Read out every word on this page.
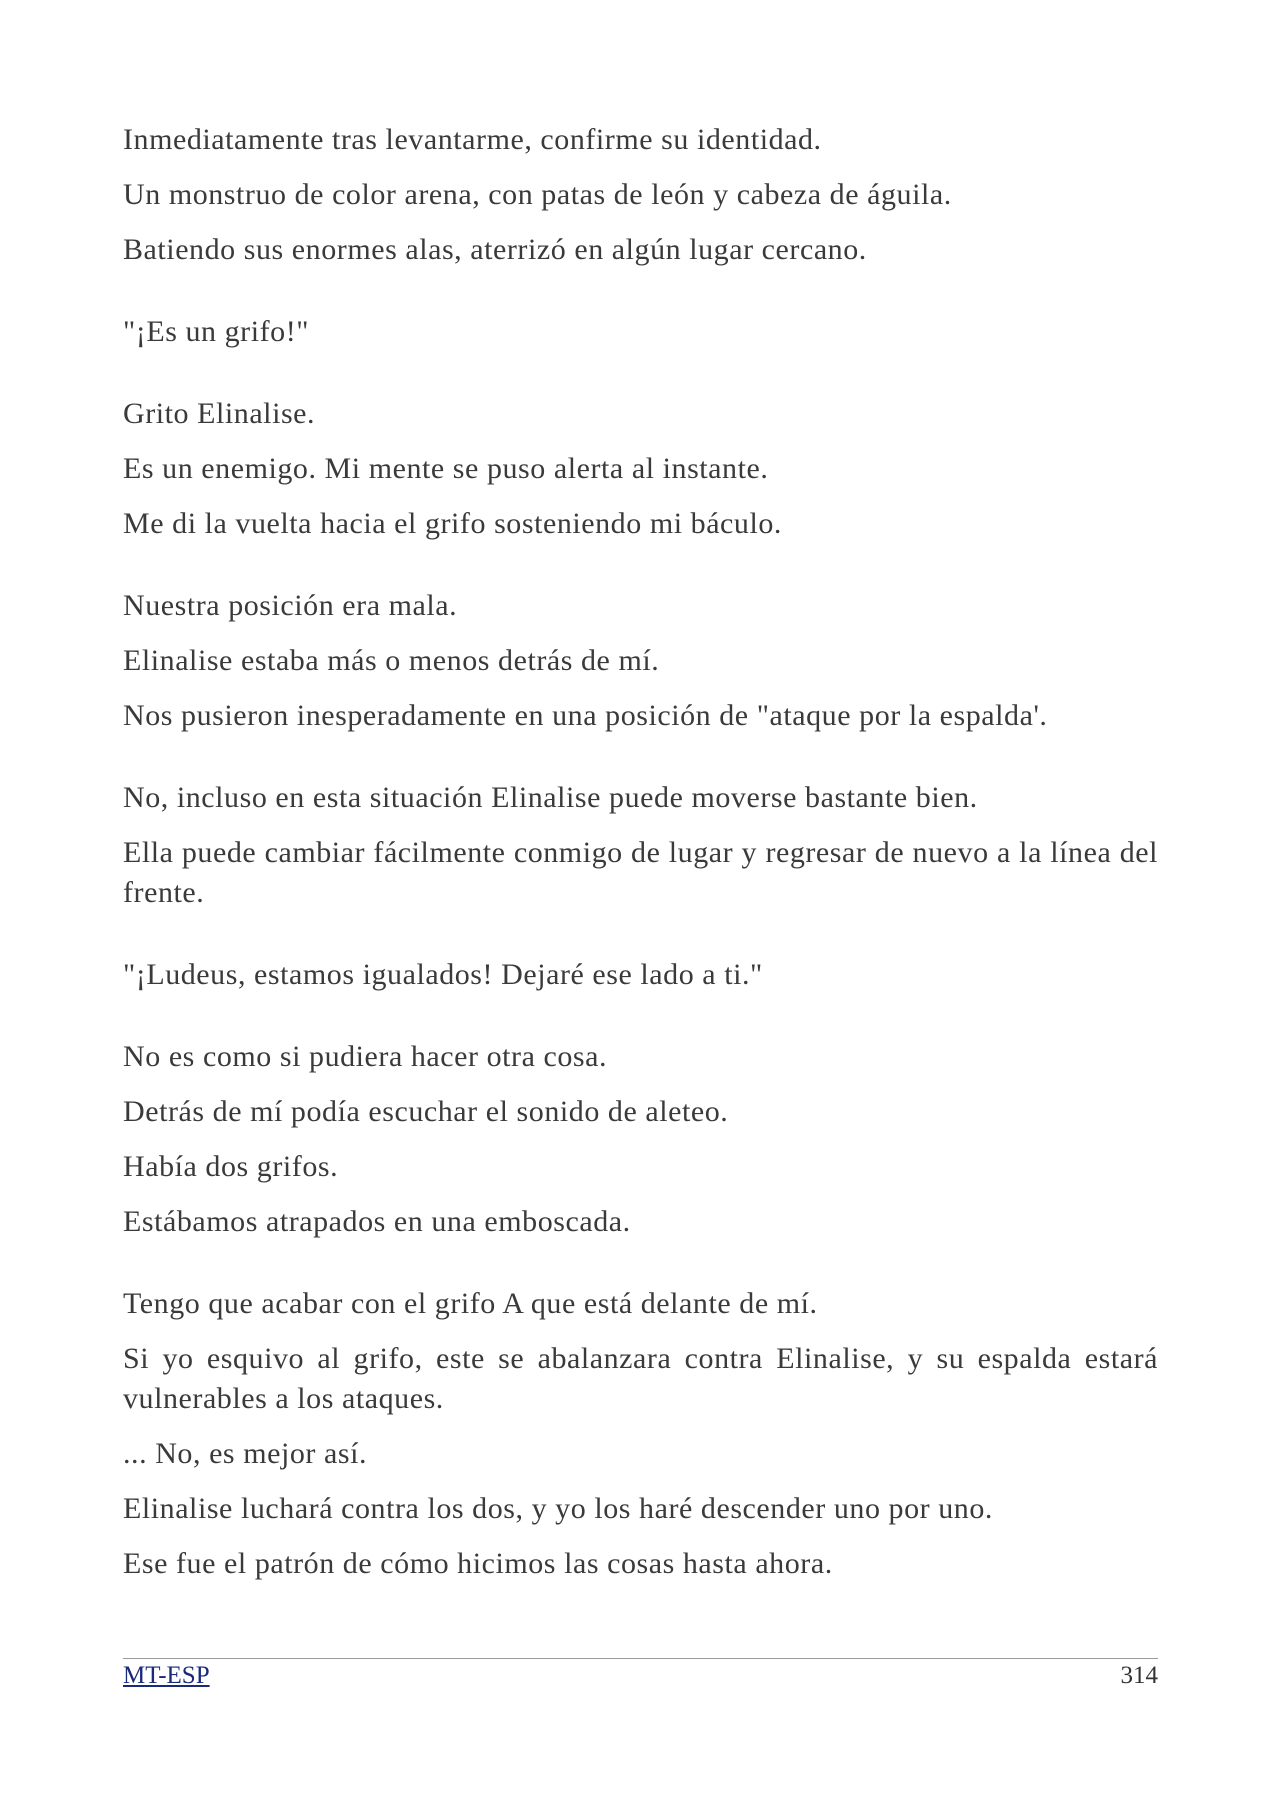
Inmediatamente tras levantarme, confirme su identidad.

Un monstruo de color arena, con patas de león y cabeza de águila.

Batiendo sus enormes alas, aterrizó en algún lugar cercano.

"¡Es un grifo!"

Grito Elinalise.

Es un enemigo. Mi mente se puso alerta al instante.

Me di la vuelta hacia el grifo sosteniendo mi báculo.

Nuestra posición era mala.

Elinalise estaba más o menos detrás de mí.

Nos pusieron inesperadamente en una posición de "ataque por la espalda'.

No, incluso en esta situación Elinalise puede moverse bastante bien.

Ella puede cambiar fácilmente conmigo de lugar y regresar de nuevo a la línea del frente.

"¡Ludeus, estamos igualados! Dejaré ese lado a ti."

No es como si pudiera hacer otra cosa.

Detrás de mí podía escuchar el sonido de aleteo.

Había dos grifos.

Estábamos atrapados en una emboscada.

Tengo que acabar con el grifo A que está delante de mí.

Si yo esquivo al grifo, este se abalanzara contra Elinalise, y su espalda estará vulnerables a los ataques.

... No, es mejor así.

Elinalise luchará contra los dos, y yo los haré descender uno por uno.

Ese fue el patrón de cómo hicimos las cosas hasta ahora.

MT-ESP	314
